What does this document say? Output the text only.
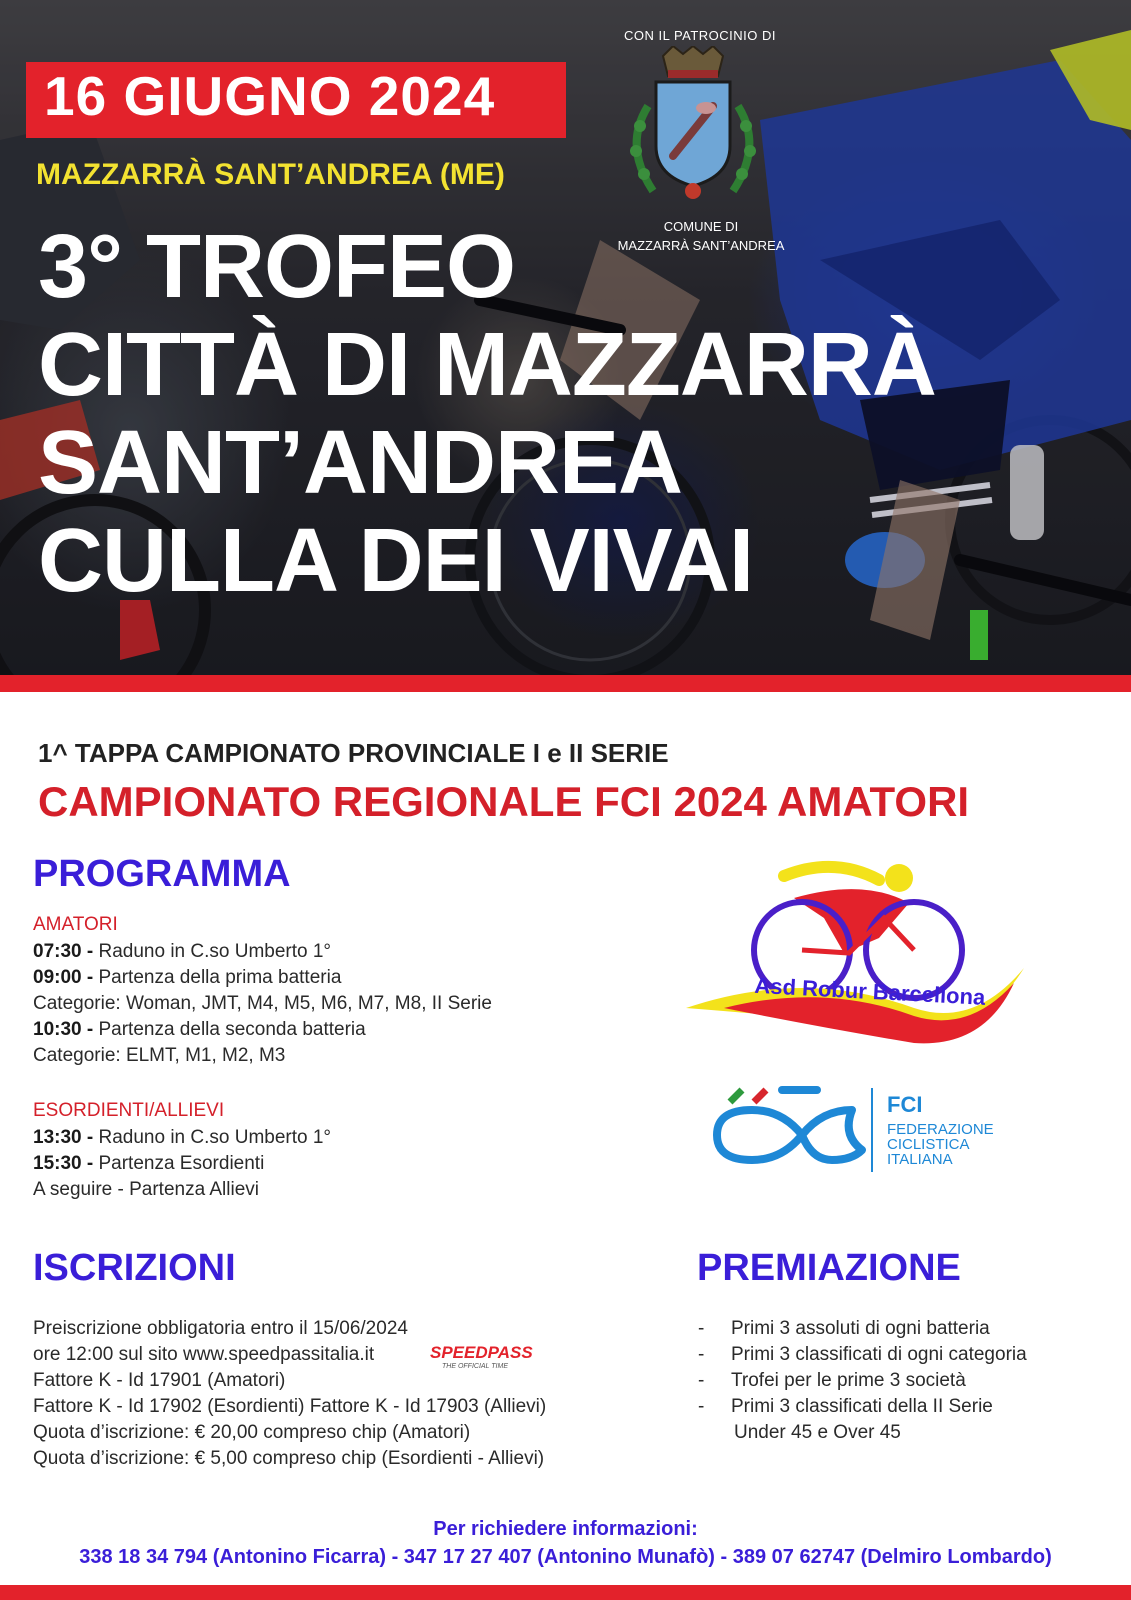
16 GIUGNO 2024
MAZZARRÀ SANT’ANDREA (ME)
3° TROFEO
CITTÀ DI MAZZARRÀ
SANT’ANDREA
CULLA DEI VIVAI
CON IL PATROCINIO DI
COMUNE DI
MAZZARRÀ SANT’ANDREA
1^ TAPPA CAMPIONATO PROVINCIALE I e II SERIE
CAMPIONATO REGIONALE FCI 2024 AMATORI
PROGRAMMA
AMATORI
07:30 - Raduno in C.so Umberto 1°
09:00 - Partenza della prima batteria
Categorie: Woman, JMT, M4, M5, M6, M7, M8, II Serie
10:30 - Partenza della seconda batteria
Categorie: ELMT, M1, M2, M3
ESORDIENTI/ALLIEVI
13:30 - Raduno in C.so Umberto 1°
15:30 - Partenza Esordienti
A seguire - Partenza Allievi
Asd Robur Barcellona
FCI
FEDERAZIONE
CICLISTICA
ITALIANA
ISCRIZIONI
Preiscrizione obbligatoria entro il 15/06/2024
ore 12:00 sul sito www.speedpassitalia.it	SPEEDPASS
THE OFFICIAL TIME
Fattore K - Id 17901 (Amatori)
Fattore K - Id 17902 (Esordienti) Fattore K - Id 17903 (Allievi)
Quota d’iscrizione: € 20,00 compreso chip (Amatori)
Quota d’iscrizione: € 5,00 compreso chip (Esordienti - Allievi)
PREMIAZIONE
- Primi 3 assoluti di ogni batteria
- Primi 3 classificati di ogni categoria
- Trofei per le prime 3 società
- Primi 3 classificati della II Serie
Under 45 e Over 45
Per richiedere informazioni:
338 18 34 794 (Antonino Ficarra) - 347 17 27 407 (Antonino Munafò) - 389 07 62747 (Delmiro Lombardo)
